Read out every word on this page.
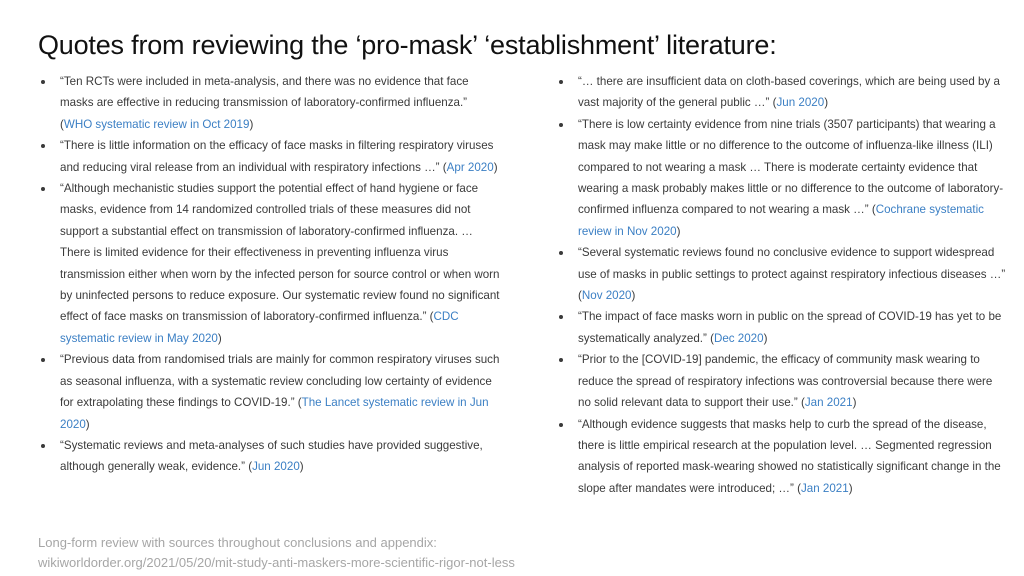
Quotes from reviewing the ‘pro-mask’ ‘establishment’ literature:
“Ten RCTs were included in meta-analysis, and there was no evidence that face masks are effective in reducing transmission of laboratory-confirmed influenza.” (WHO systematic review in Oct 2019)
“There is little information on the efficacy of face masks in filtering respiratory viruses and reducing viral release from an individual with respiratory infections …” (Apr 2020)
“Although mechanistic studies support the potential effect of hand hygiene or face masks, evidence from 14 randomized controlled trials of these measures did not support a substantial effect on transmission of laboratory-confirmed influenza. … There is limited evidence for their effectiveness in preventing influenza virus transmission either when worn by the infected person for source control or when worn by uninfected persons to reduce exposure. Our systematic review found no significant effect of face masks on transmission of laboratory-confirmed influenza.” (CDC systematic review in May 2020)
“Previous data from randomised trials are mainly for common respiratory viruses such as seasonal influenza, with a systematic review concluding low certainty of evidence for extrapolating these findings to COVID-19.” (The Lancet systematic review in Jun 2020)
“Systematic reviews and meta-analyses of such studies have provided suggestive, although generally weak, evidence.” (Jun 2020)
“… there are insufficient data on cloth-based coverings, which are being used by a vast majority of the general public …” (Jun 2020)
“There is low certainty evidence from nine trials (3507 participants) that wearing a mask may make little or no difference to the outcome of influenza-like illness (ILI) compared to not wearing a mask … There is moderate certainty evidence that wearing a mask probably makes little or no difference to the outcome of laboratory-confirmed influenza compared to not wearing a mask …” (Cochrane systematic review in Nov 2020)
“Several systematic reviews found no conclusive evidence to support widespread use of masks in public settings to protect against respiratory infectious diseases …” (Nov 2020)
“The impact of face masks worn in public on the spread of COVID-19 has yet to be systematically analyzed.” (Dec 2020)
“Prior to the [COVID-19] pandemic, the efficacy of community mask wearing to reduce the spread of respiratory infections was controversial because there were no solid relevant data to support their use.” (Jan 2021)
“Although evidence suggests that masks help to curb the spread of the disease, there is little empirical research at the population level. … Segmented regression analysis of reported mask-wearing showed no statistically significant change in the slope after mandates were introduced; …” (Jan 2021)
Long-form review with sources throughout conclusions and appendix:
wikiworldorder.org/2021/05/20/mit-study-anti-maskers-more-scientific-rigor-not-less
